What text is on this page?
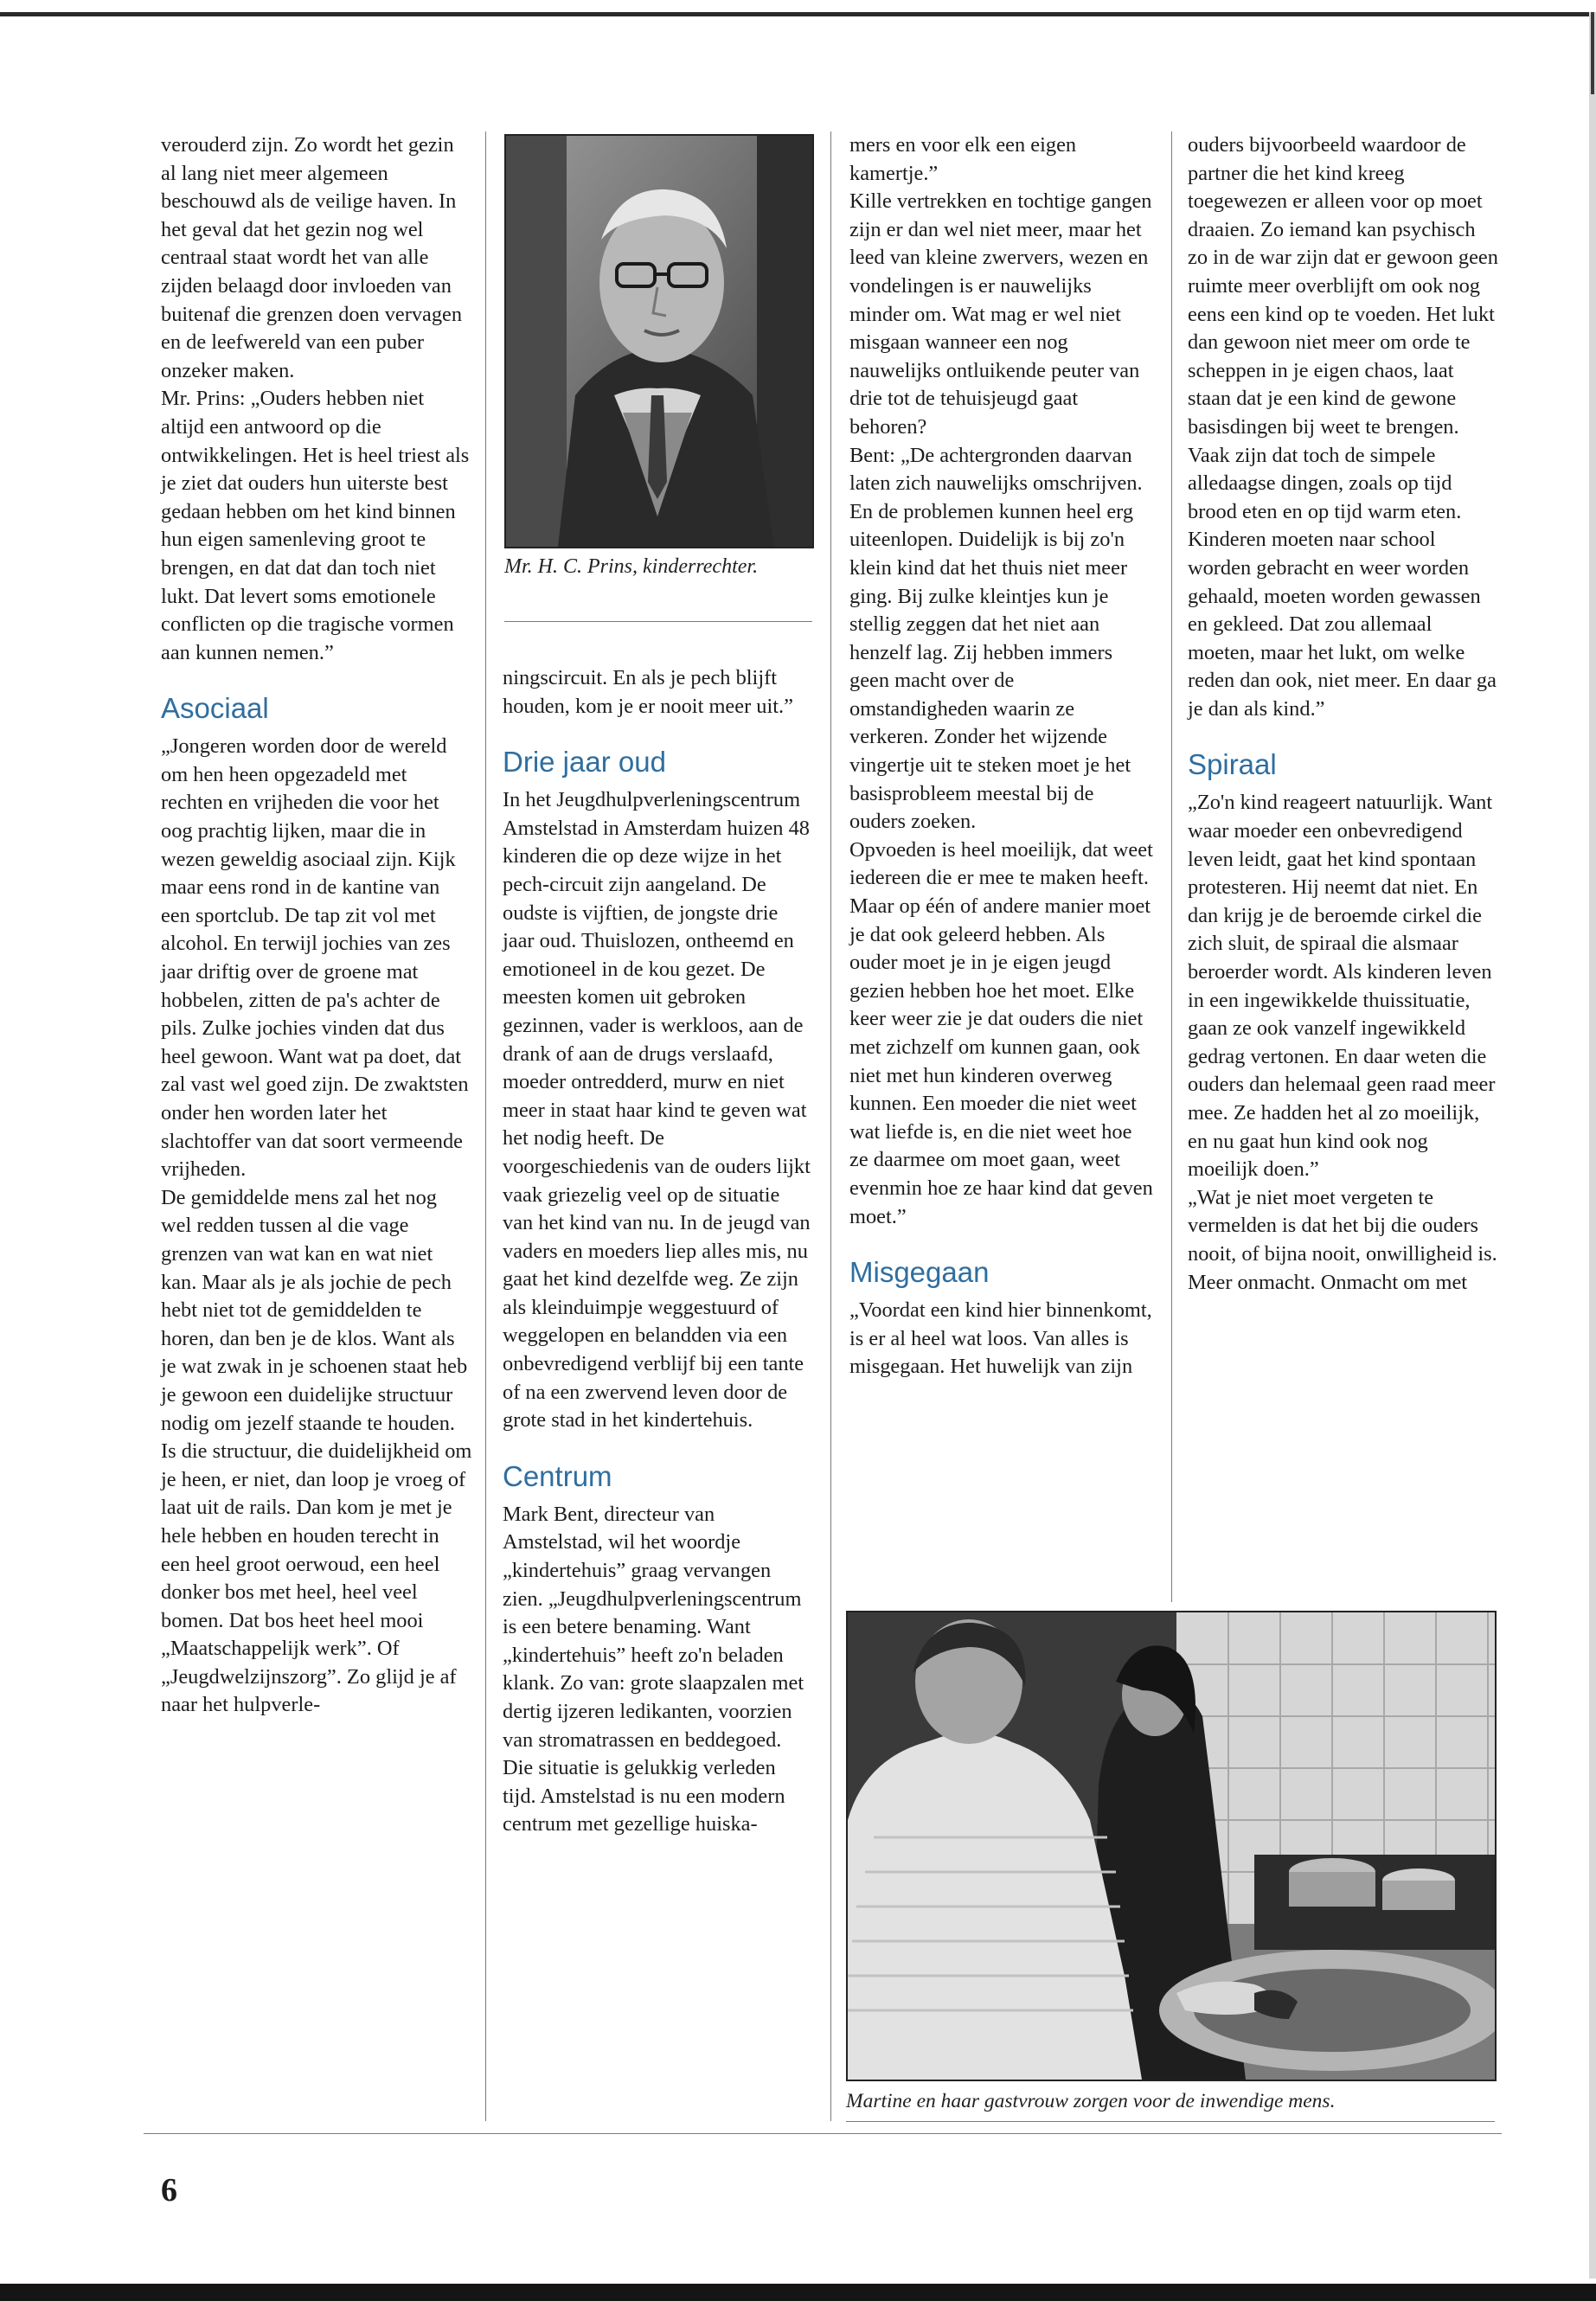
verouderd zijn. Zo wordt het gezin al lang niet meer algemeen beschouwd als de veilige haven. In het geval dat het gezin nog wel centraal staat wordt het van alle zijden belaagd door invloeden van buitenaf die grenzen doen vervagen en de leefwereld van een puber onzeker maken.

Mr. Prins: „Ouders hebben niet altijd een antwoord op die ontwikkelingen. Het is heel triest als je ziet dat ouders hun uiterste best gedaan hebben om het kind binnen hun eigen samenleving groot te brengen, en dat dat dan toch niet lukt. Dat levert soms emotionele conflicten op die tragische vormen aan kunnen nemen.”

Asociaal

„Jongeren worden door de wereld om hen heen opgezadeld met rechten en vrijheden die voor het oog prachtig lijken, maar die in wezen geweldig asociaal zijn. Kijk maar eens rond in de kantine van een sportclub. De tap zit vol met alcohol. En terwijl jochies van zes jaar driftig over de groene mat hobbelen, zitten de pa's achter de pils. Zulke jochies vinden dat dus heel gewoon. Want wat pa doet, dat zal vast wel goed zijn. De zwaktsten onder hen worden later het slachtoffer van dat soort vermeende vrijheden.

De gemiddelde mens zal het nog wel redden tussen al die vage grenzen van wat kan en wat niet kan. Maar als je als jochie de pech hebt niet tot de gemiddelden te horen, dan ben je de klos. Want als je wat zwak in je schoenen staat heb je gewoon een duidelijke structuur nodig om jezelf staande te houden. Is die structuur, die duidelijkheid om je heen, er niet, dan loop je vroeg of laat uit de rails. Dan kom je met je hele hebben en houden terecht in een heel groot oerwoud, een heel donker bos met heel, heel veel bomen. Dat bos heet heel mooi „Maatschappelijk werk”. Of „Jeugdwelzijnszorg”. Zo glijd je af naar het hulpverle-

Mr. H. C. Prins, kinderrechter.

ningscircuit. En als je pech blijft houden, kom je er nooit meer uit.”

Drie jaar oud

In het Jeugdhulpverleningscentrum Amstelstad in Amsterdam huizen 48 kinderen die op deze wijze in het pech-circuit zijn aangeland. De oudste is vijftien, de jongste drie jaar oud. Thuislozen, ontheemd en emotioneel in de kou gezet. De meesten komen uit gebroken gezinnen, vader is werkloos, aan de drank of aan de drugs verslaafd, moeder ontredderd, murw en niet meer in staat haar kind te geven wat het nodig heeft. De voorgeschiedenis van de ouders lijkt vaak griezelig veel op de situatie van het kind van nu. In de jeugd van vaders en moeders liep alles mis, nu gaat het kind dezelfde weg. Ze zijn als kleinduimpje weggestuurd of weggelopen en belandden via een onbevredigend verblijf bij een tante of na een zwervend leven door de grote stad in het kindertehuis.

Centrum

Mark Bent, directeur van Amstelstad, wil het woordje „kindertehuis” graag vervangen zien. „Jeugdhulpverleningscentrum is een betere benaming. Want „kindertehuis” heeft zo'n beladen klank. Zo van: grote slaapzalen met dertig ijzeren ledikanten, voorzien van stromatrassen en beddegoed. Die situatie is gelukkig verleden tijd. Amstelstad is nu een modern centrum met gezellige huiska-

mers en voor elk een eigen kamertje.”

Kille vertrekken en tochtige gangen zijn er dan wel niet meer, maar het leed van kleine zwervers, wezen en vondelingen is er nauwelijks minder om. Wat mag er wel niet misgaan wanneer een nog nauwelijks ontluikende peuter van drie tot de tehuisjeugd gaat behoren?

Bent: „De achtergronden daarvan laten zich nauwelijks omschrijven. En de problemen kunnen heel erg uiteenlopen. Duidelijk is bij zo'n klein kind dat het thuis niet meer ging. Bij zulke kleintjes kun je stellig zeggen dat het niet aan henzelf lag. Zij hebben immers geen macht over de omstandigheden waarin ze verkeren. Zonder het wijzende vingertje uit te steken moet je het basisprobleem meestal bij de ouders zoeken.

Opvoeden is heel moeilijk, dat weet iedereen die er mee te maken heeft. Maar op één of andere manier moet je dat ook geleerd hebben. Als ouder moet je in je eigen jeugd gezien hebben hoe het moet. Elke keer weer zie je dat ouders die niet met zichzelf om kunnen gaan, ook niet met hun kinderen overweg kunnen. Een moeder die niet weet wat liefde is, en die niet weet hoe ze daarmee om moet gaan, weet evenmin hoe ze haar kind dat geven moet.”

Misgegaan

„Voordat een kind hier binnenkomt, is er al heel wat loos. Van alles is misgegaan. Het huwelijk van zijn

ouders bijvoorbeeld waardoor de partner die het kind kreeg toegewezen er alleen voor op moet draaien. Zo iemand kan psychisch zo in de war zijn dat er gewoon geen ruimte meer overblijft om ook nog eens een kind op te voeden. Het lukt dan gewoon niet meer om orde te scheppen in je eigen chaos, laat staan dat je een kind de gewone basisdingen bij weet te brengen. Vaak zijn dat toch de simpele alledaagse dingen, zoals op tijd brood eten en op tijd warm eten. Kinderen moeten naar school worden gebracht en weer worden gehaald, moeten worden gewassen en gekleed. Dat zou allemaal moeten, maar het lukt, om welke reden dan ook, niet meer. En daar ga je dan als kind.”

Spiraal

„Zo'n kind reageert natuurlijk. Want waar moeder een onbevredigend leven leidt, gaat het kind spontaan protesteren. Hij neemt dat niet. En dan krijg je de beroemde cirkel die zich sluit, de spiraal die alsmaar beroerder wordt. Als kinderen leven in een ingewikkelde thuissituatie, gaan ze ook vanzelf ingewikkeld gedrag vertonen. En daar weten die ouders dan helemaal geen raad meer mee. Ze hadden het al zo moeilijk, en nu gaat hun kind ook nog moeilijk doen.”

„Wat je niet moet vergeten te vermelden is dat het bij die ouders nooit, of bijna nooit, onwilligheid is. Meer onmacht. Onmacht om met

Martine en haar gastvrouw zorgen voor de inwendige mens.
6
